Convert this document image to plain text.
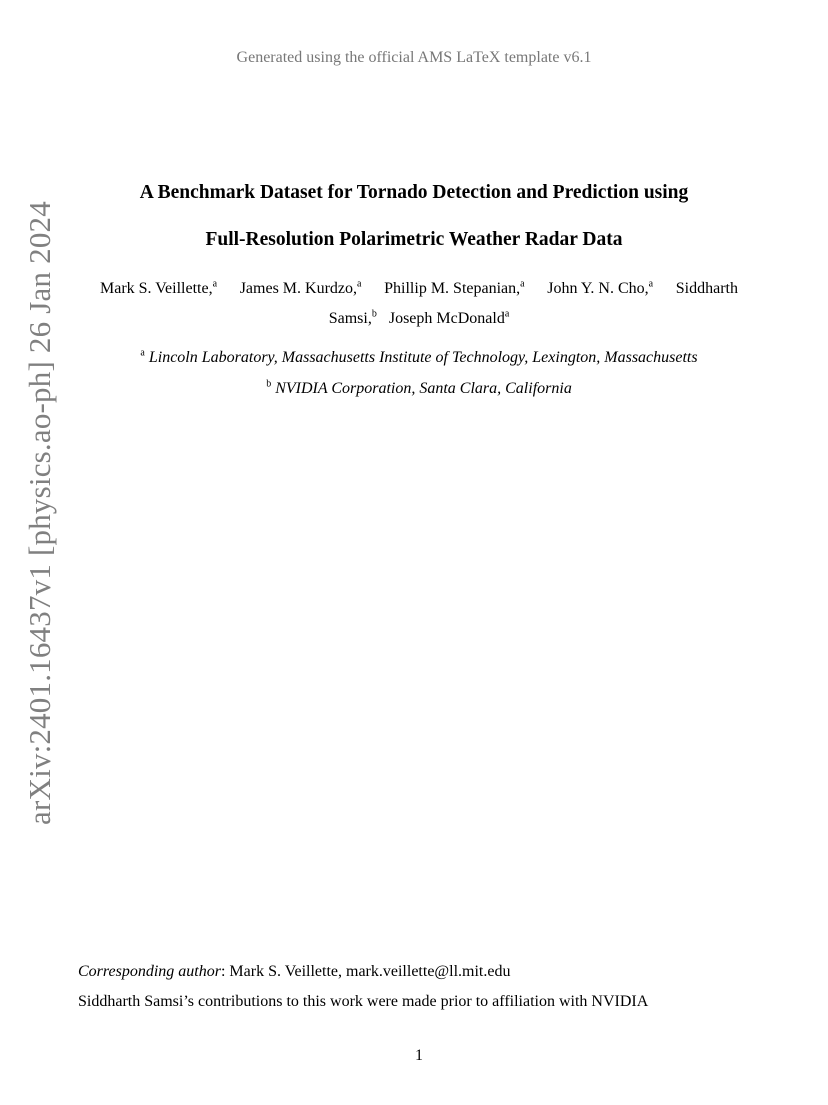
Generated using the official AMS LaTeX template v6.1
arXiv:2401.16437v1 [physics.ao-ph] 26 Jan 2024
A Benchmark Dataset for Tornado Detection and Prediction using
Full-Resolution Polarimetric Weather Radar Data
Mark S. Veillette,$^a$ James M. Kurdzo,$^a$ Phillip M. Stepanian,$^a$ John Y. N. Cho,$^a$ Siddharth
Samsi,$^b$ Joseph McDonald$^a$
$^a$ Lincoln Laboratory, Massachusetts Institute of Technology, Lexington, Massachusetts
$^b$ NVIDIA Corporation, Santa Clara, California
Corresponding author: Mark S. Veillette, mark.veillette@ll.mit.edu
Siddharth Samsi’s contributions to this work were made prior to affiliation with NVIDIA
1
